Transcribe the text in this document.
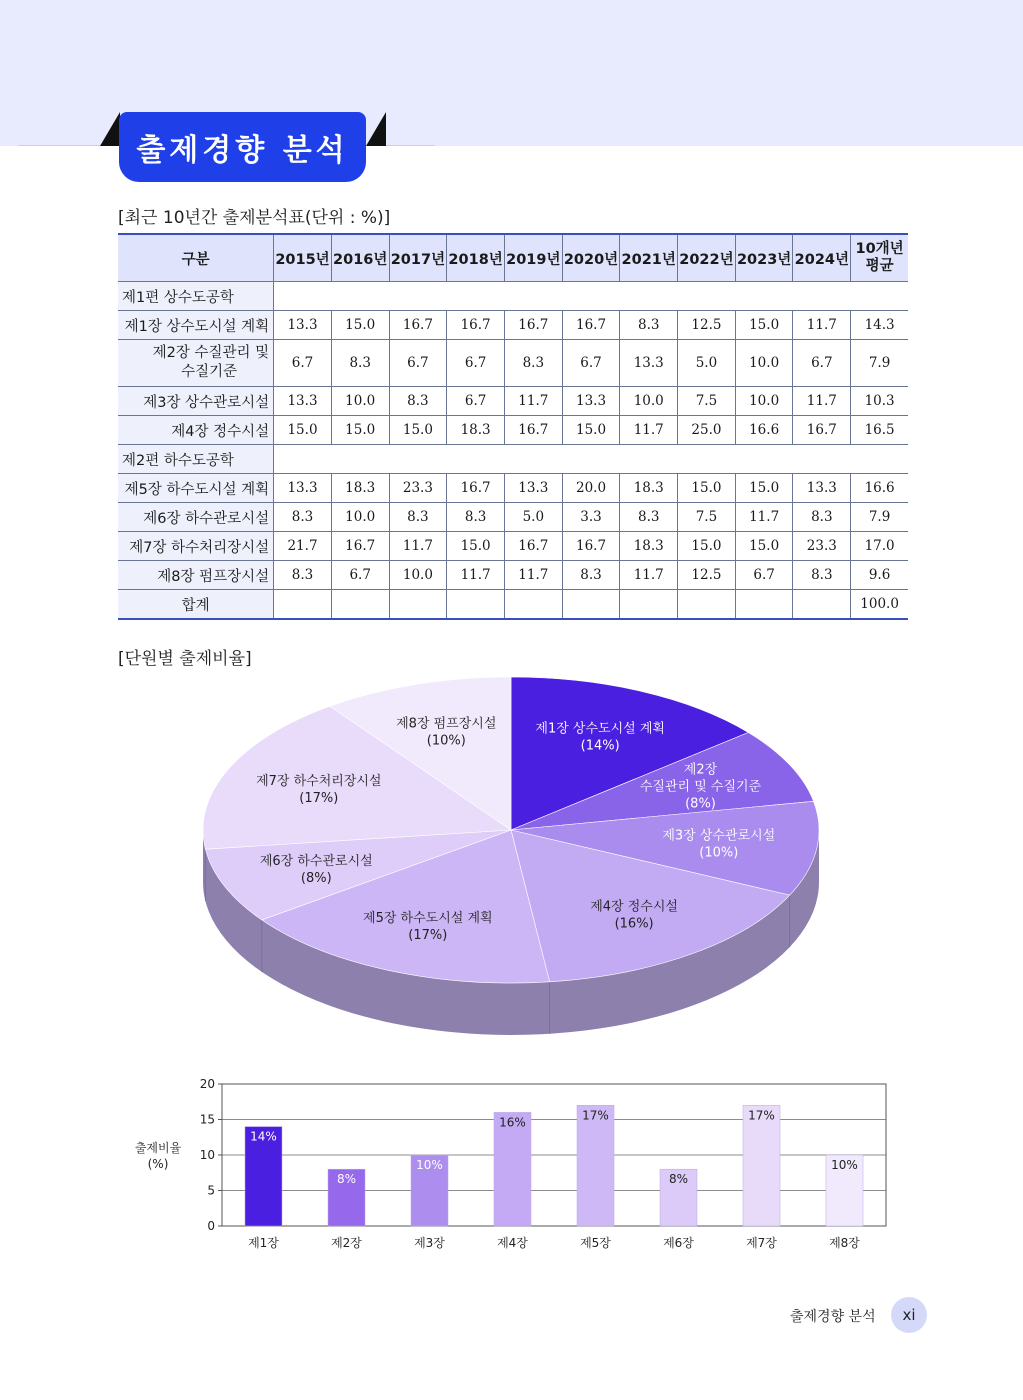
출제경향 분석
[최근 10년간 출제분석표(단위 : %)]
구분	2015년	2016년	2017년	2018년	2019년	2020년	2021년	2022년	2023년	2024년	10개년
평균

제1편 상수도공학											
제1장 상수도시설 계획	13.3	15.0	16.7	16.7	16.7	16.7	8.3	12.5	15.0	11.7	14.3

제2장 수질관리 및
수질기준	6.7	8.3	6.7	6.7	8.3	6.7	13.3	5.0	10.0	6.7	7.9
제3장 상수관로시설	13.3	10.0	8.3	6.7	11.7	13.3	10.0	7.5	10.0	11.7	10.3
제4장 정수시설	15.0	15.0	15.0	18.3	16.7	15.0	11.7	25.0	16.6	16.7	16.5
제2편 하수도공학											
제5장 하수도시설 계획	13.3	18.3	23.3	16.7	13.3	20.0	18.3	15.0	15.0	13.3	16.6
제6장 하수관로시설	8.3	10.0	8.3	8.3	5.0	3.3	8.3	7.5	11.7	8.3	7.9
제7장 하수처리장시설	21.7	16.7	11.7	15.0	16.7	16.7	18.3	15.0	15.0	23.3	17.0
제8장 펌프장시설	8.3	6.7	10.0	11.7	11.7	8.3	11.7	12.5	6.7	8.3	9.6
합계											100.0
[단원별 출제비율]
제1장 상수도시설 계획
(14%)
제2장
수질관리 및 수질기준
(8%)
제3장 상수관로시설
(10%)
제4장 정수시설
(16%)
제5장 하수도시설 계획
(17%)
제6장 하수관로시설
(8%)
제7장 하수처리장시설
(17%)
제8장 펌프장시설
(10%)
0
5
10
15
20
출제비율
(%)
14%
제1장
8%
제2장
10%
제3장
16%
제4장
17%
제5장
8%
제6장
17%
제7장
10%
제8장
출제경향 분석	xi
